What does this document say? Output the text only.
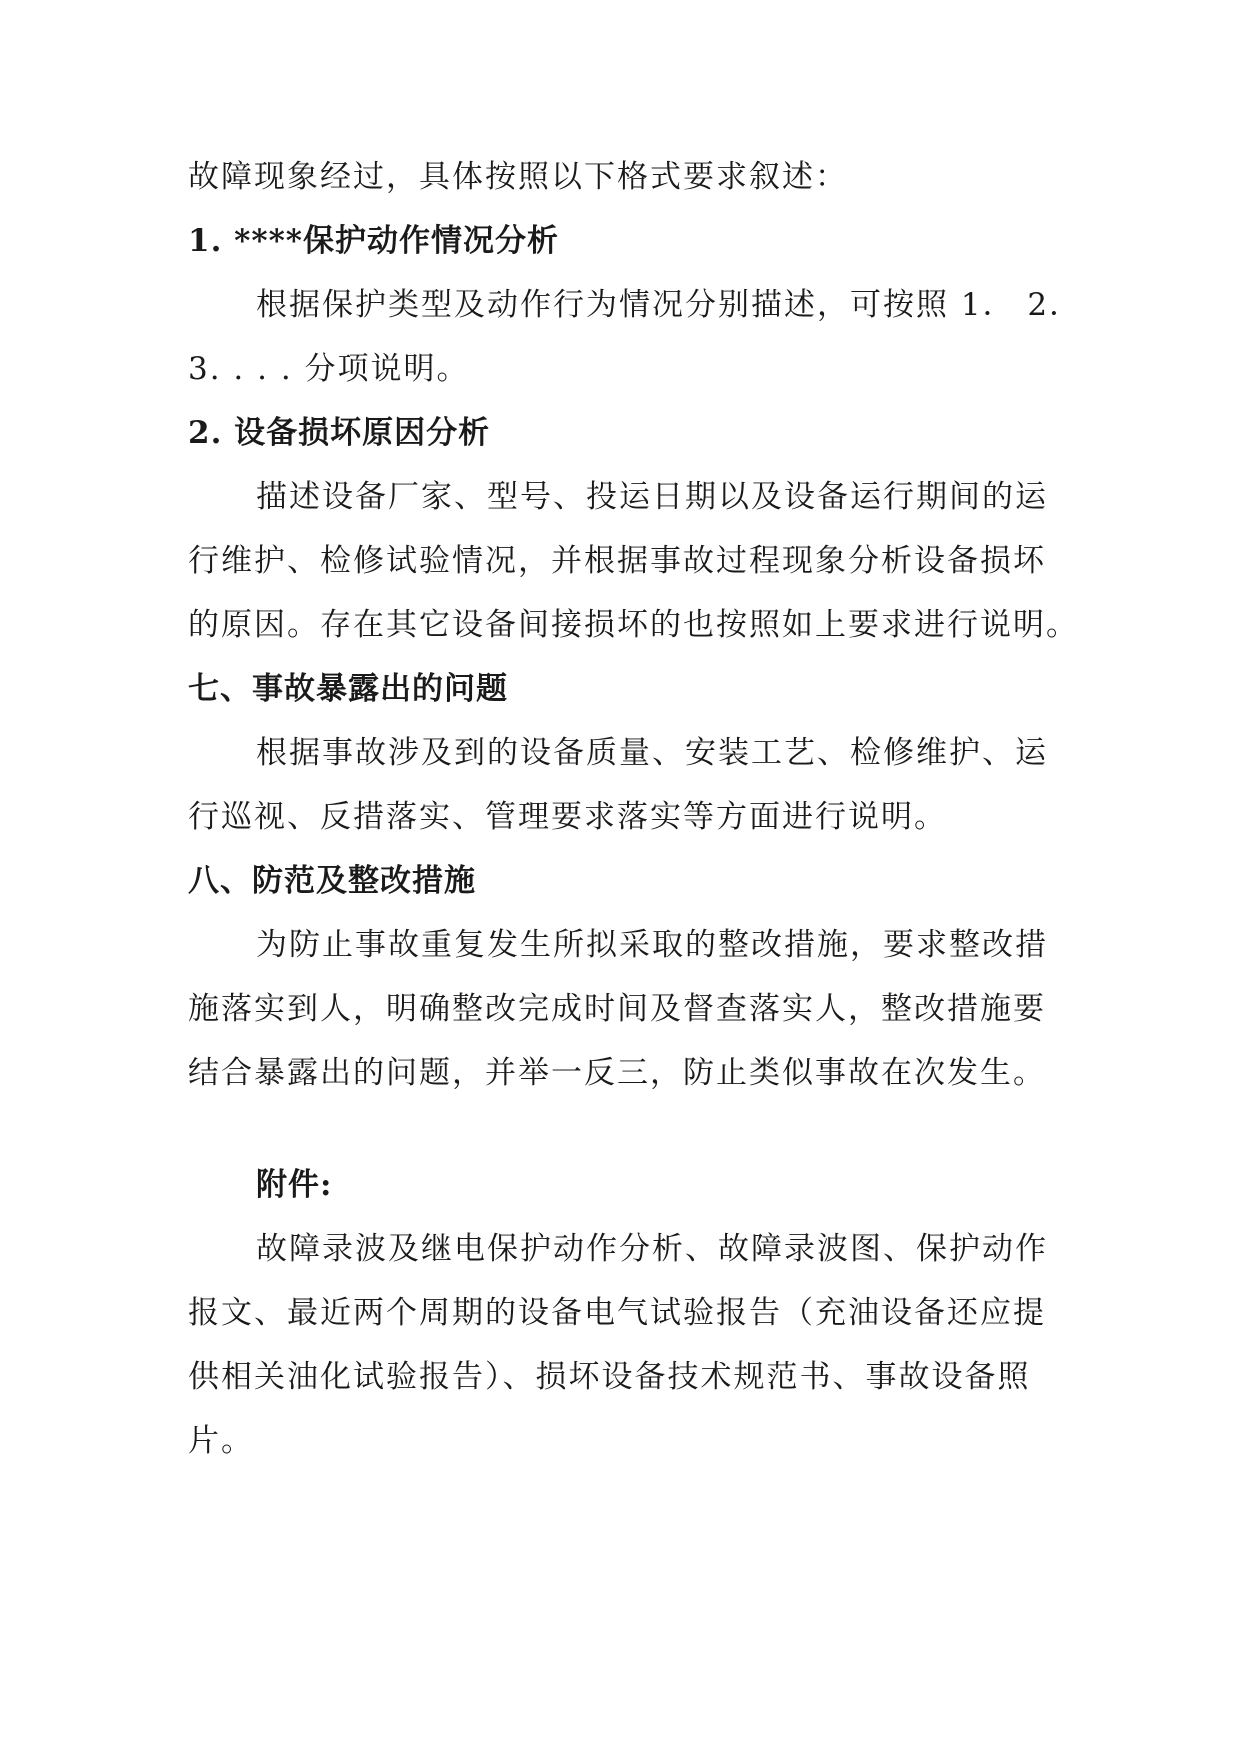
故障现象经过，具体按照以下格式要求叙述：
1. ****保护动作情况分析
根据保护类型及动作行为情况分别描述，可按照 1． 2．
3. . . . 分项说明。
2. 设备损坏原因分析
描述设备厂家、型号、投运日期以及设备运行期间的运
行维护、检修试验情况，并根据事故过程现象分析设备损坏
的原因。存在其它设备间接损坏的也按照如上要求进行说明。
七、事故暴露出的问题
根据事故涉及到的设备质量、安装工艺、检修维护、运
行巡视、反措落实、管理要求落实等方面进行说明。
八、防范及整改措施
为防止事故重复发生所拟采取的整改措施，要求整改措
施落实到人，明确整改完成时间及督查落实人，整改措施要
结合暴露出的问题，并举一反三，防止类似事故在次发生。
附件:
故障录波及继电保护动作分析、故障录波图、保护动作
报文、最近两个周期的设备电气试验报告（充油设备还应提
供相关油化试验报告）、损坏设备技术规范书、事故设备照
片。
